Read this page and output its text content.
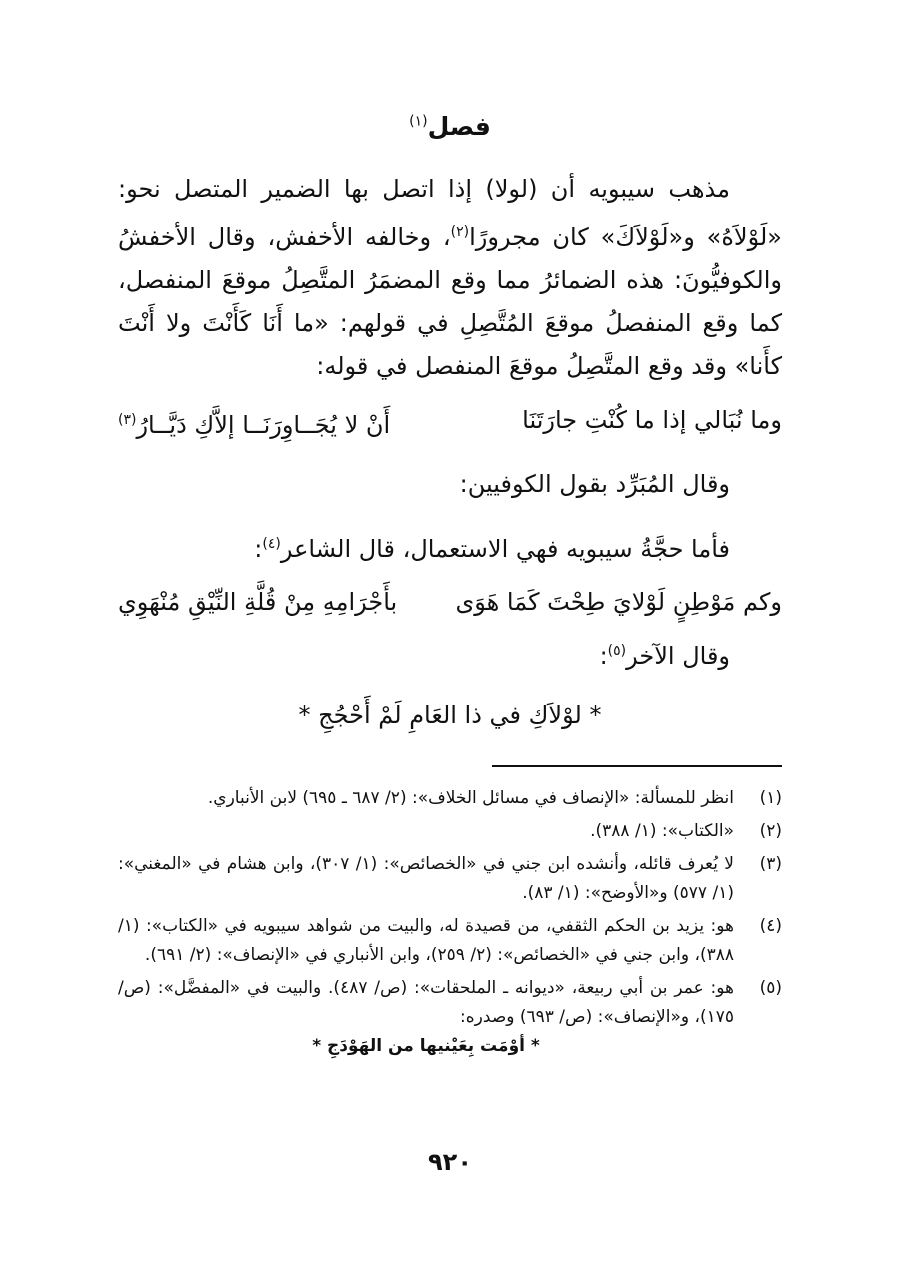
فصل$^{(١)}$

مذهب سيبويه أن (لولا) إذا اتصل بها الضمير المتصل نحو: «لَوْلاَهُ» و«لَوْلاَكَ» كان مجرورًا$^{(٢)}$، وخالفه الأخفش، وقال الأخفشُ والكوفيُّونَ: هذه الضمائرُ مما وقع المضمَرُ المتَّصِلُ موقعَ المنفصل، كما وقع المنفصلُ موقعَ المُتَّصِلِ في قولهم: «ما أَنَا كَأَنْتَ ولا أَنْتَ كأَنا» وقد وقع المتَّصِلُ موقعَ المنفصل في قوله:

وما نُبَالي إذا ما كُنْتِ جارَتَنَا
أَنْ لا يُجَــاوِرَنَــا إلاَّكِ دَيَّــارُ$^{(٣)}$

وقال المُبَرِّد بقول الكوفيين:

فأما حجَّةُ سيبويه فهي الاستعمال، قال الشاعر$^{(٤)}$:

وكم مَوْطِنٍ لَوْلايَ طِحْتَ كَمَا هَوَى
بأَجْرَامِهِ مِنْ قُلَّةِ النِّيْقِ مُنْهَوِي

وقال الآخر$^{(٥)}$:

* لوْلاَكِ في ذا العَامِ لَمْ أَحْجُجِ *
(١)
انظر للمسألة: «الإنصاف في مسائل الخلاف»: (٢/ ٦٨٧ ـ ٦٩٥) لابن الأنباري.
(٢)
«الكتاب»: (١/ ٣٨٨).
(٣)
لا يُعرف قائله، وأنشده ابن جني في «الخصائص»: (١/ ٣٠٧)، وابن هشام في «المغني»: (١/ ٥٧٧) و«الأوضح»: (١/ ٨٣).
(٤)
هو: يزيد بن الحكم الثقفي، من قصيدة له، والبيت من شواهد سيبويه في «الكتاب»: (١/ ٣٨٨)، وابن جني في «الخصائص»: (٢/ ٢٥٩)، وابن الأنباري في «الإنصاف»: (٢/ ٦٩١).
(٥)
هو: عمر بن أبي ربيعة، «ديوانه ـ الملحقات»: (ص/ ٤٨٧). والبيت في «المفضَّل»: (ص/ ١٧٥)، و«الإنصاف»: (ص/ ٦٩٣) وصدره:
* أوْمَت بِعَيْنيها من الهَوْدَجِ *
٩٢٠
